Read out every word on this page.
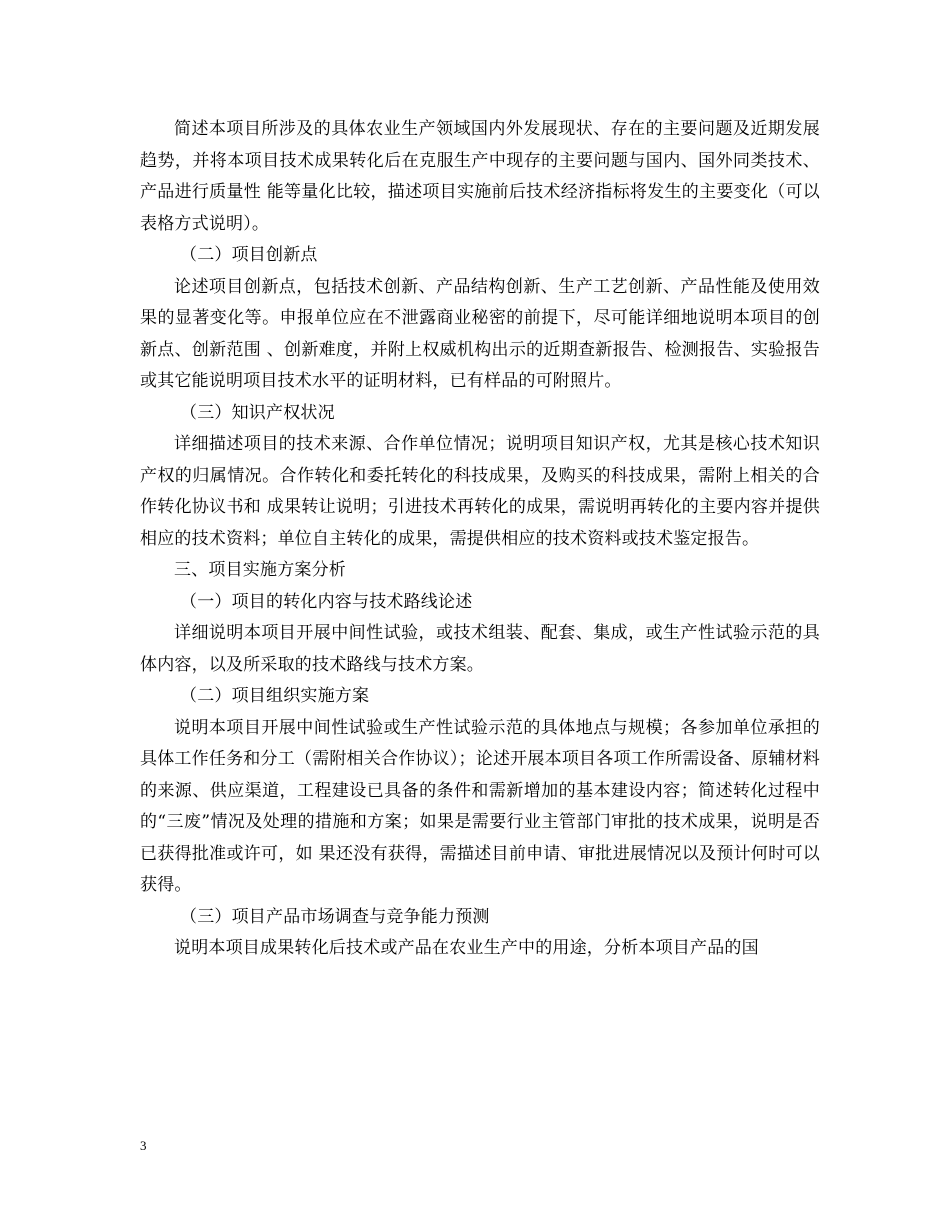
简述本项目所涉及的具体农业生产领域国内外发展现状、存在的主要问题及近期发展趋势，并将本项目技术成果转化后在克服生产中现存的主要问题与国内、国外同类技术、产品进行质量性 能等量化比较，描述项目实施前后技术经济指标将发生的主要变化（可以表格方式说明）。

（二）项目创新点

论述项目创新点，包括技术创新、产品结构创新、生产工艺创新、产品性能及使用效果的显著变化等。申报单位应在不泄露商业秘密的前提下，尽可能详细地说明本项目的创新点、创新范围 、创新难度，并附上权威机构出示的近期查新报告、检测报告、实验报告或其它能说明项目技术水平的证明材料，已有样品的可附照片。

（三）知识产权状况

详细描述项目的技术来源、合作单位情况；说明项目知识产权，尤其是核心技术知识产权的归属情况。合作转化和委托转化的科技成果，及购买的科技成果，需附上相关的合作转化协议书和 成果转让说明；引进技术再转化的成果，需说明再转化的主要内容并提供相应的技术资料；单位自主转化的成果，需提供相应的技术资料或技术鉴定报告。

三、项目实施方案分析

（一）项目的转化内容与技术路线论述

详细说明本项目开展中间性试验，或技术组装、配套、集成，或生产性试验示范的具体内容，以及所采取的技术路线与技术方案。

（二）项目组织实施方案

说明本项目开展中间性试验或生产性试验示范的具体地点与规模；各参加单位承担的具体工作任务和分工（需附相关合作协议）；论述开展本项目各项工作所需设备、原辅材料的来源、供应渠道，工程建设已具备的条件和需新增加的基本建设内容；简述转化过程中的“三废”情况及处理的措施和方案；如果是需要行业主管部门审批的技术成果，说明是否已获得批准或许可，如 果还没有获得，需描述目前申请、审批进展情况以及预计何时可以获得。

（三）项目产品市场调查与竞争能力预测

说明本项目成果转化后技术或产品在农业生产中的用途，分析本项目产品的国

3
